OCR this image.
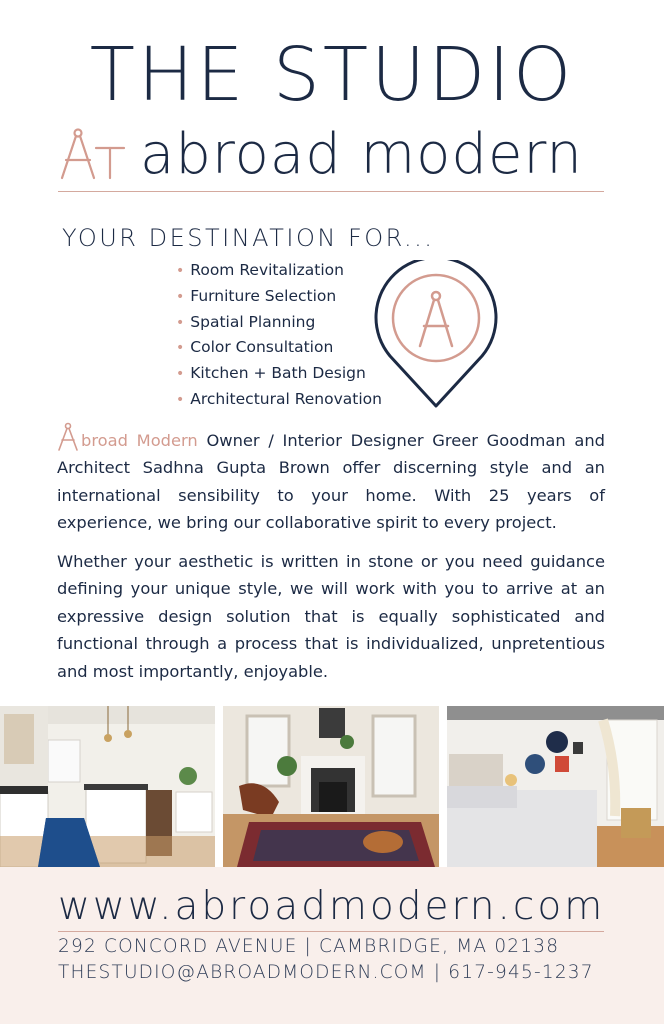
THE STUDIO
abroad modern
YOUR DESTINATION FOR...
• Room Revitalization
• Furniture Selection
• Spatial Planning
• Color Consultation
• Kitchen + Bath Design
• Architectural Renovation
broad Modern Owner / Interior Designer Greer Goodman and Architect Sadhna Gupta Brown offer discerning style and an international sensibility to your home. With 25 years of experience, we bring our collaborative spirit to every project.
Whether your aesthetic is written in stone or you need guidance defining your unique style, we will work with you to arrive at an expressive design solution that is equally sophisticated and functional through a process that is individualized, unpretentious and most importantly, enjoyable.
www.abroadmodern.com
292 CONCORD AVENUE | CAMBRIDGE, MA 02138
THESTUDIO@ABROADMODERN.COM | 617-945-1237
